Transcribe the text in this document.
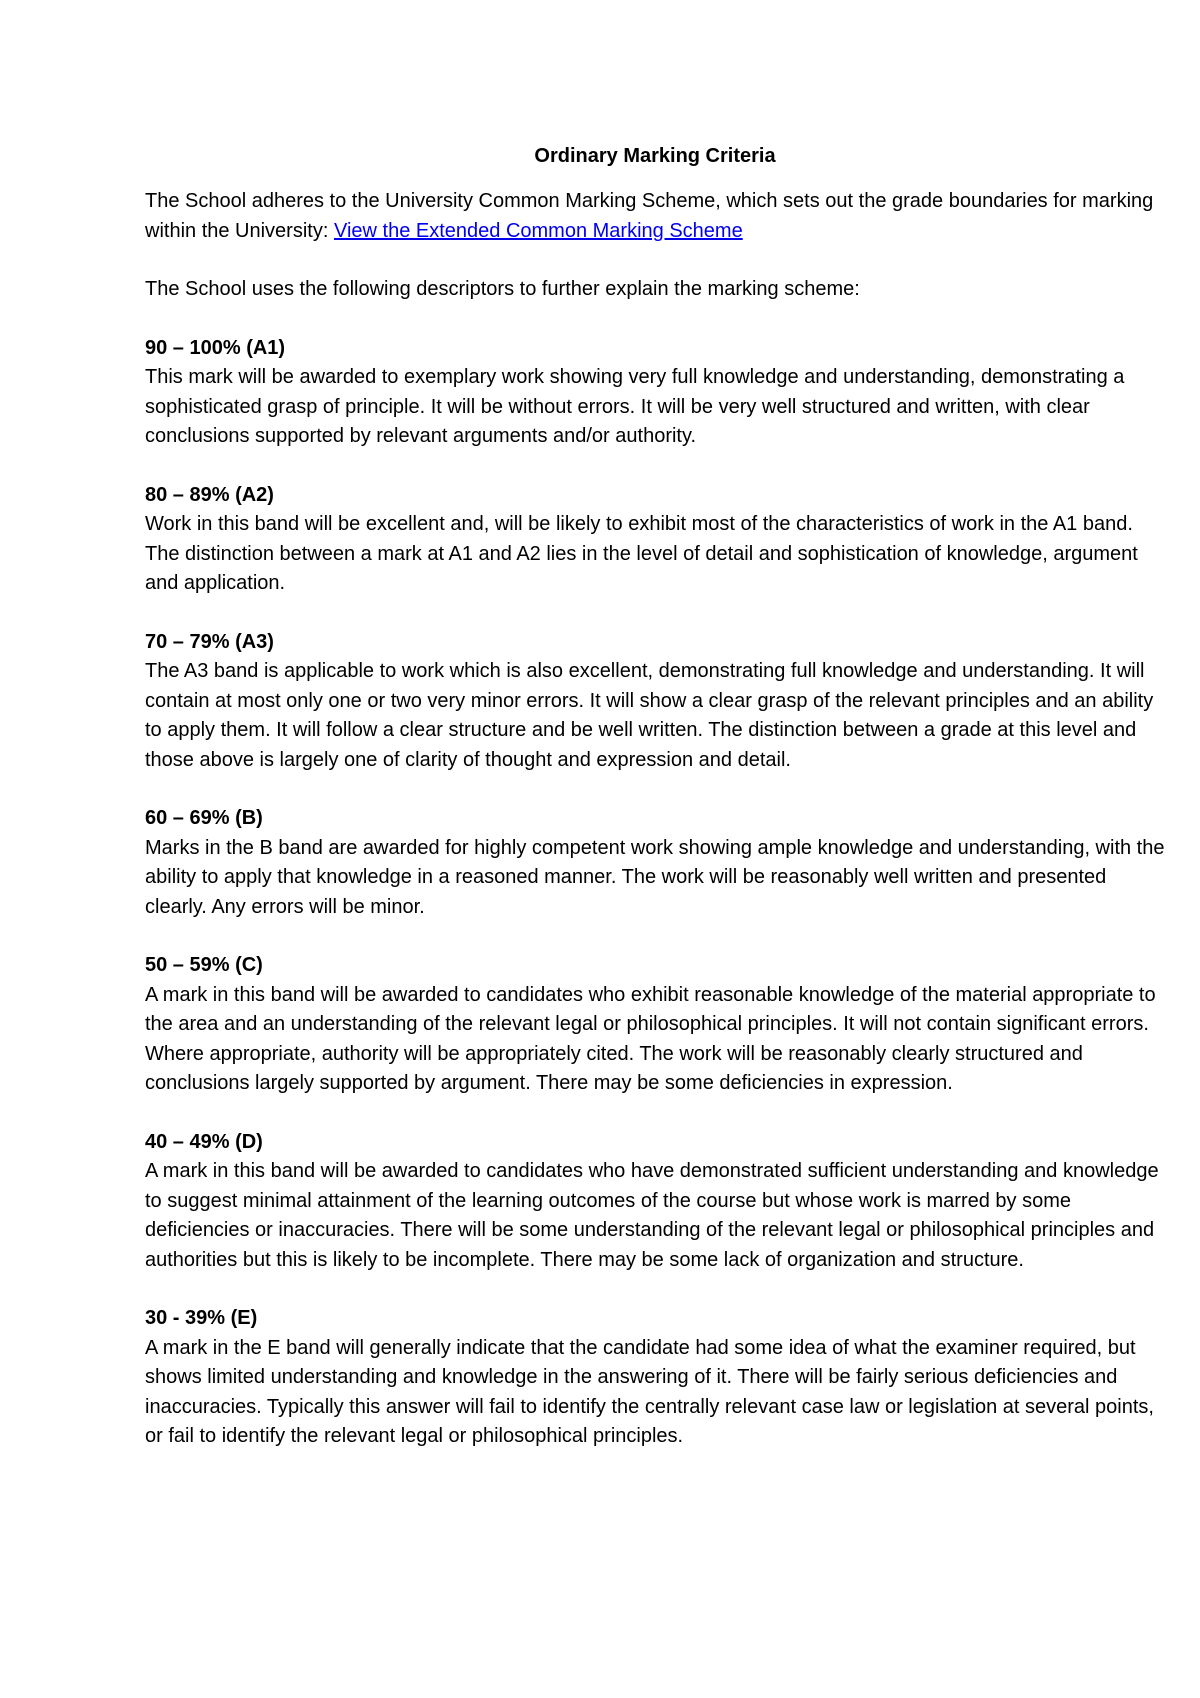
Ordinary Marking Criteria

The School adheres to the University Common Marking Scheme, which sets out the grade boundaries for marking within the University: View the Extended Common Marking Scheme

The School uses the following descriptors to further explain the marking scheme:

90 – 100% (A1)

This mark will be awarded to exemplary work showing very full knowledge and understanding, demonstrating a sophisticated grasp of principle. It will be without errors. It will be very well structured and written, with clear conclusions supported by relevant arguments and/or authority.

80 – 89% (A2)

Work in this band will be excellent and, will be likely to exhibit most of the characteristics of work in the A1 band. The distinction between a mark at A1 and A2 lies in the level of detail and sophistication of knowledge, argument and application.

70 – 79% (A3)

The A3 band is applicable to work which is also excellent, demonstrating full knowledge and understanding. It will contain at most only one or two very minor errors. It will show a clear grasp of the relevant principles and an ability to apply them. It will follow a clear structure and be well written. The distinction between a grade at this level and those above is largely one of clarity of thought and expression and detail.

60 – 69% (B)

Marks in the B band are awarded for highly competent work showing ample knowledge and understanding, with the ability to apply that knowledge in a reasoned manner. The work will be reasonably well written and presented clearly. Any errors will be minor.

50 – 59% (C)

A mark in this band will be awarded to candidates who exhibit reasonable knowledge of the material appropriate to the area and an understanding of the relevant legal or philosophical principles. It will not contain significant errors. Where appropriate, authority will be appropriately cited. The work will be reasonably clearly structured and conclusions largely supported by argument. There may be some deficiencies in expression.

40 – 49% (D)

A mark in this band will be awarded to candidates who have demonstrated sufficient understanding and knowledge to suggest minimal attainment of the learning outcomes of the course but whose work is marred by some deficiencies or inaccuracies. There will be some understanding of the relevant legal or philosophical principles and authorities but this is likely to be incomplete. There may be some lack of organization and structure.

30 - 39% (E)

A mark in the E band will generally indicate that the candidate had some idea of what the examiner required, but shows limited understanding and knowledge in the answering of it. There will be fairly serious deficiencies and inaccuracies. Typically this answer will fail to identify the centrally relevant case law or legislation at several points, or fail to identify the relevant legal or philosophical principles.
